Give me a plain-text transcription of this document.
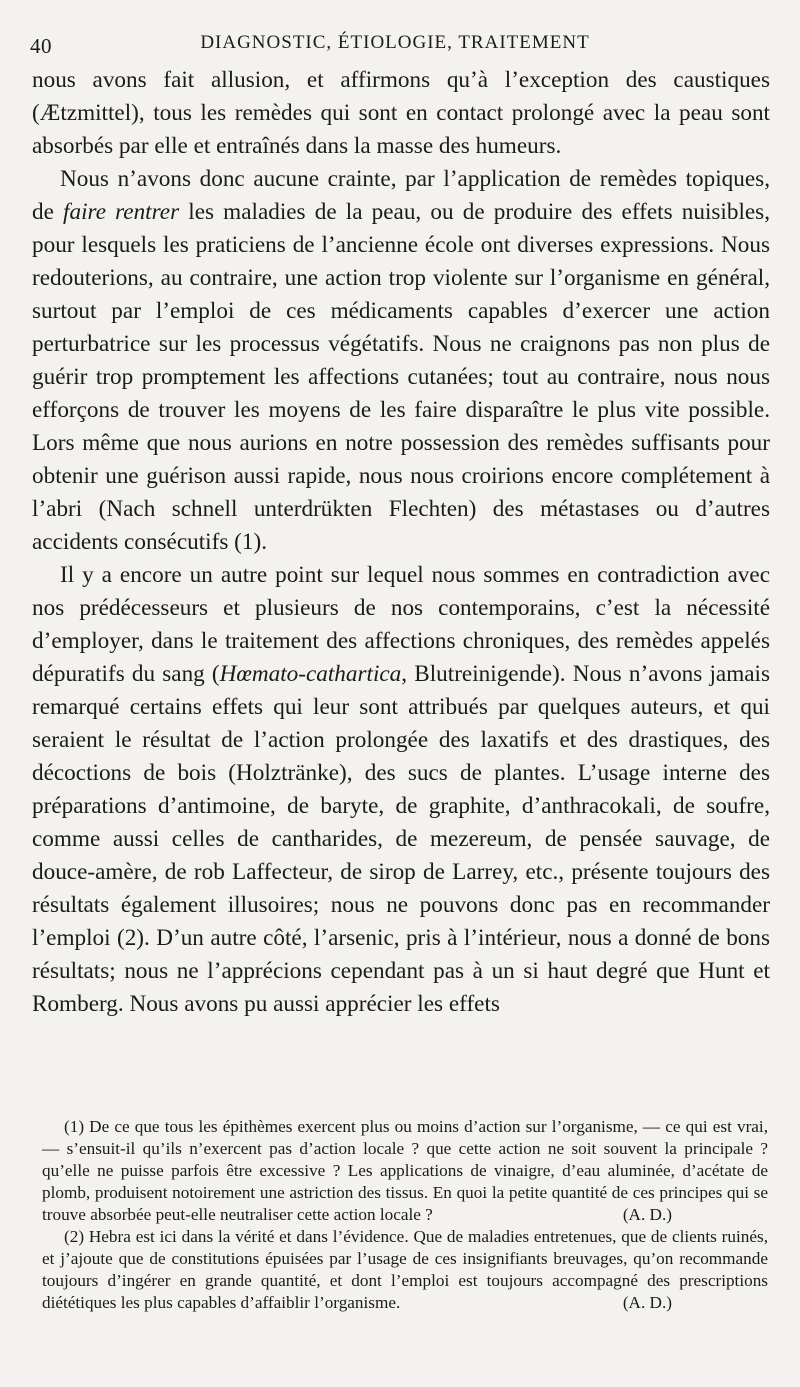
40	DIAGNOSTIC, ÉTIOLOGIE, TRAITEMENT

nous avons fait allusion, et affirmons qu’à l’exception des caustiques (Ætzmittel), tous les remèdes qui sont en contact prolongé avec la peau sont absorbés par elle et entraînés dans la masse des humeurs.

Nous n’avons donc aucune crainte, par l’application de remèdes topiques, de faire rentrer les maladies de la peau, ou de produire des effets nuisibles, pour lesquels les praticiens de l’ancienne école ont diverses expressions. Nous redouterions, au contraire, une action trop violente sur l’organisme en général, surtout par l’emploi de ces médicaments capables d’exercer une action perturbatrice sur les processus végétatifs. Nous ne craignons pas non plus de guérir trop promptement les affections cutanées; tout au contraire, nous nous efforçons de trouver les moyens de les faire disparaître le plus vite possible. Lors même que nous aurions en notre possession des remèdes suffisants pour obtenir une guérison aussi rapide, nous nous croirions encore complétement à l’abri (Nach schnell unterdrükten Flechten) des métastases ou d’autres accidents consécutifs (1).

Il y a encore un autre point sur lequel nous sommes en contradiction avec nos prédécesseurs et plusieurs de nos contemporains, c’est la nécessité d’employer, dans le traitement des affections chroniques, des remèdes appelés dépuratifs du sang (Hœmato-cathartica, Blutreinigende). Nous n’avons jamais remarqué certains effets qui leur sont attribués par quelques auteurs, et qui seraient le résultat de l’action prolongée des laxatifs et des drastiques, des décoctions de bois (Holztränke), des sucs de plantes. L’usage interne des préparations d’antimoine, de baryte, de graphite, d’anthracokali, de soufre, comme aussi celles de cantharides, de mezereum, de pensée sauvage, de douce-amère, de rob Laffecteur, de sirop de Larrey, etc., présente toujours des résultats également illusoires; nous ne pouvons donc pas en recommander l’emploi (2). D’un autre côté, l’arsenic, pris à l’intérieur, nous a donné de bons résultats; nous ne l’apprécions cependant pas à un si haut degré que Hunt et Romberg. Nous avons pu aussi apprécier les effets

(1) De ce que tous les épithèmes exercent plus ou moins d’action sur l’organisme, — ce qui est vrai, — s’ensuit-il qu’ils n’exercent pas d’action locale ? que cette action ne soit souvent la principale ? qu’elle ne puisse parfois être excessive ? Les applications de vinaigre, d’eau aluminée, d’acétate de plomb, produisent notoirement une astriction des tissus. En quoi la petite quantité de ces principes qui se trouve absorbée peut-elle neutraliser cette action locale ?	(A. D.)

(2) Hebra est ici dans la vérité et dans l’évidence. Que de maladies entretenues, que de clients ruinés, et j’ajoute que de constitutions épuisées par l’usage de ces insignifiants breuvages, qu’on recommande toujours d’ingérer en grande quantité, et dont l’emploi est toujours accompagné des prescriptions diététiques les plus capables d’affaiblir l’organisme.	(A. D.)
